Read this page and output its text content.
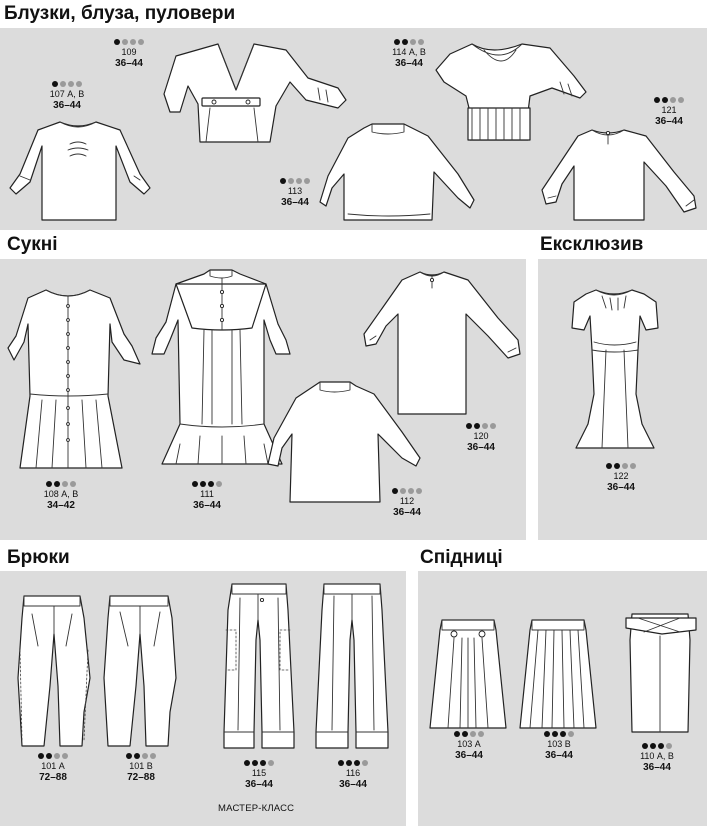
Блузки, блуза, пуловери
Сукні	Ексклюзив
Брюки	Спідниці
109
36–44
107 А, В
36–44
114 А, В
36–44
121
36–44
113
36–44
108 А, В
34–42
111
36–44
120
36–44
112
36–44
122
36–44
101 А
72–88
101 В
72–88	115
36–44
116
36–44
103 А
36–44
103 В
36–44	110 А, В
36–44
МАСТЕР-КЛАСС
